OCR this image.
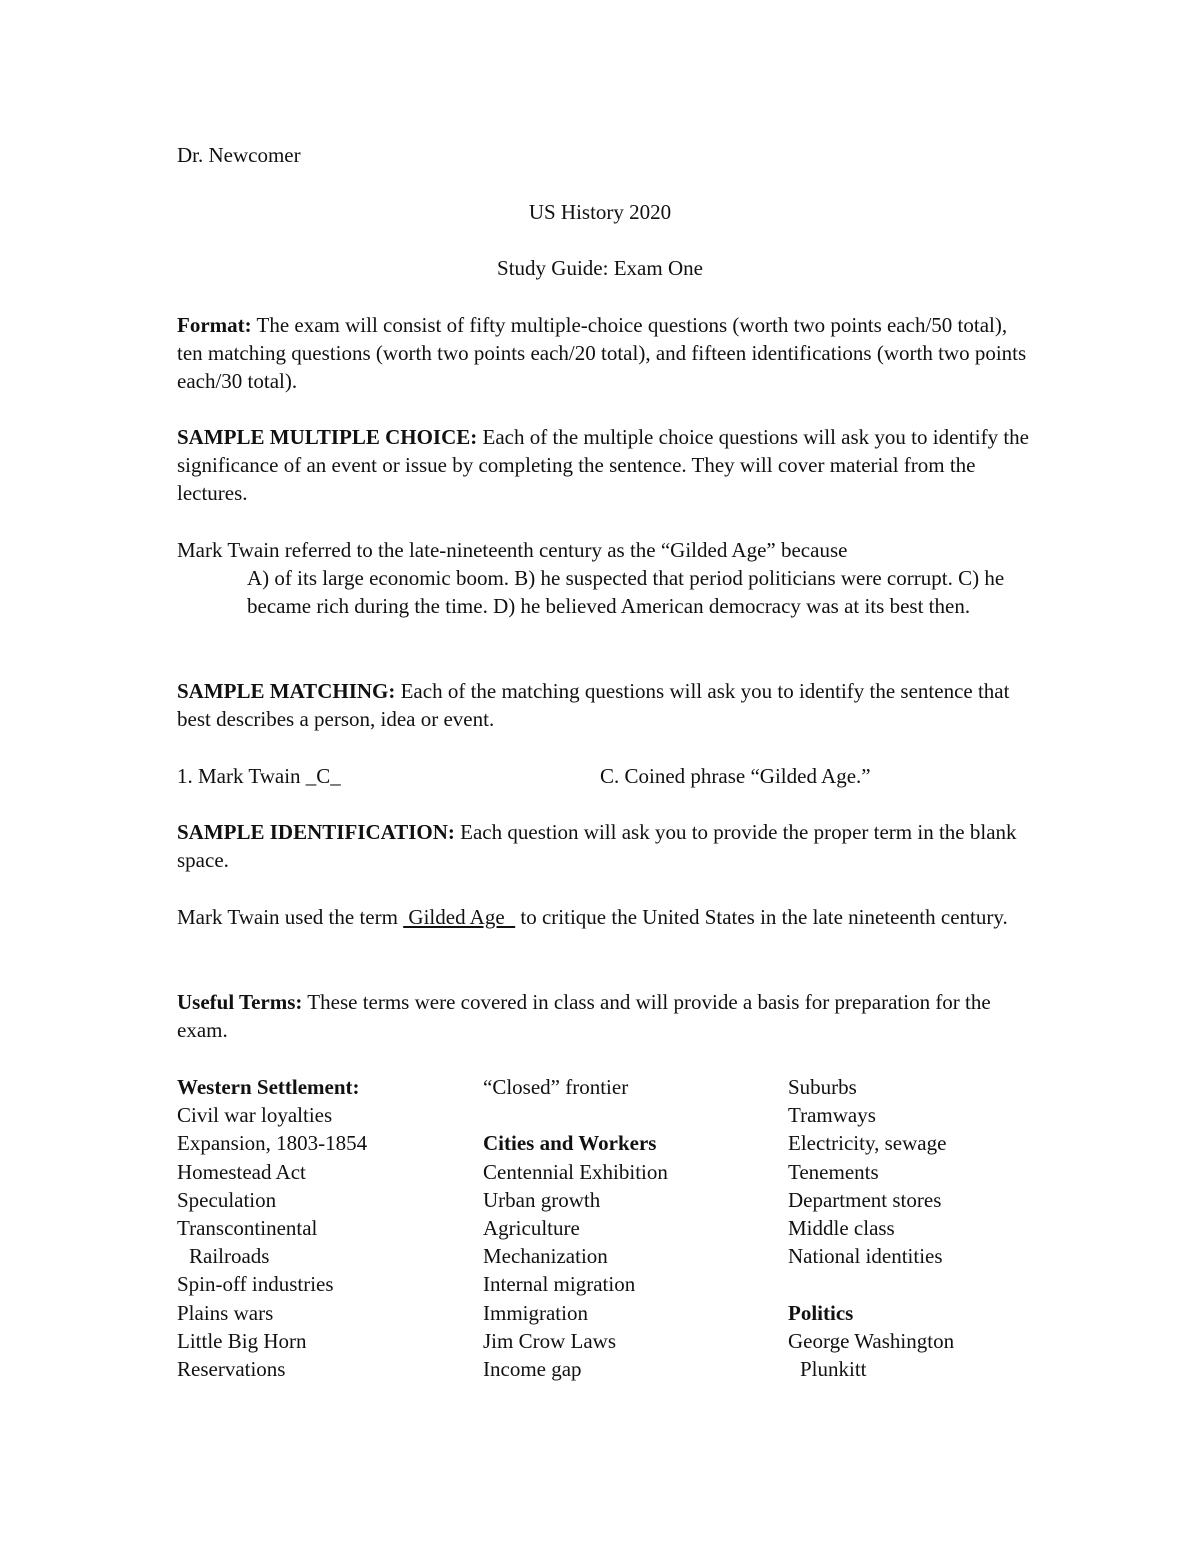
Dr. Newcomer
US History 2020
Study Guide: Exam One
Format: The exam will consist of fifty multiple-choice questions (worth two points each/50 total), ten matching questions (worth two points each/20 total), and fifteen identifications (worth two points each/30 total).
SAMPLE MULTIPLE CHOICE: Each of the multiple choice questions will ask you to identify the significance of an event or issue by completing the sentence. They will cover material from the lectures.
Mark Twain referred to the late-nineteenth century as the “Gilded Age” because
A) of its large economic boom. B) he suspected that period politicians were corrupt. C) he became rich during the time. D) he believed American democracy was at its best then.
SAMPLE MATCHING: Each of the matching questions will ask you to identify the sentence that best describes a person, idea or event.
1. Mark Twain _C_	C. Coined phrase “Gilded Age.”
SAMPLE IDENTIFICATION: Each question will ask you to provide the proper term in the blank space.
Mark Twain used the term  Gilded Age   to critique the United States in the late nineteenth century.
Useful Terms: These terms were covered in class and will provide a basis for preparation for the exam.
Western Settlement:
Civil war loyalties
Expansion, 1803-1854
Homestead Act
Speculation
Transcontinental
Railroads
Spin-off industries
Plains wars
Little Big Horn
Reservations
“Closed” frontier
Cities and Workers
Centennial Exhibition
Urban growth
Agriculture
Mechanization
Internal migration
Immigration
Jim Crow Laws
Income gap
Suburbs
Tramways
Electricity, sewage
Tenements
Department stores
Middle class
National identities
Politics
George Washington
Plunkitt
